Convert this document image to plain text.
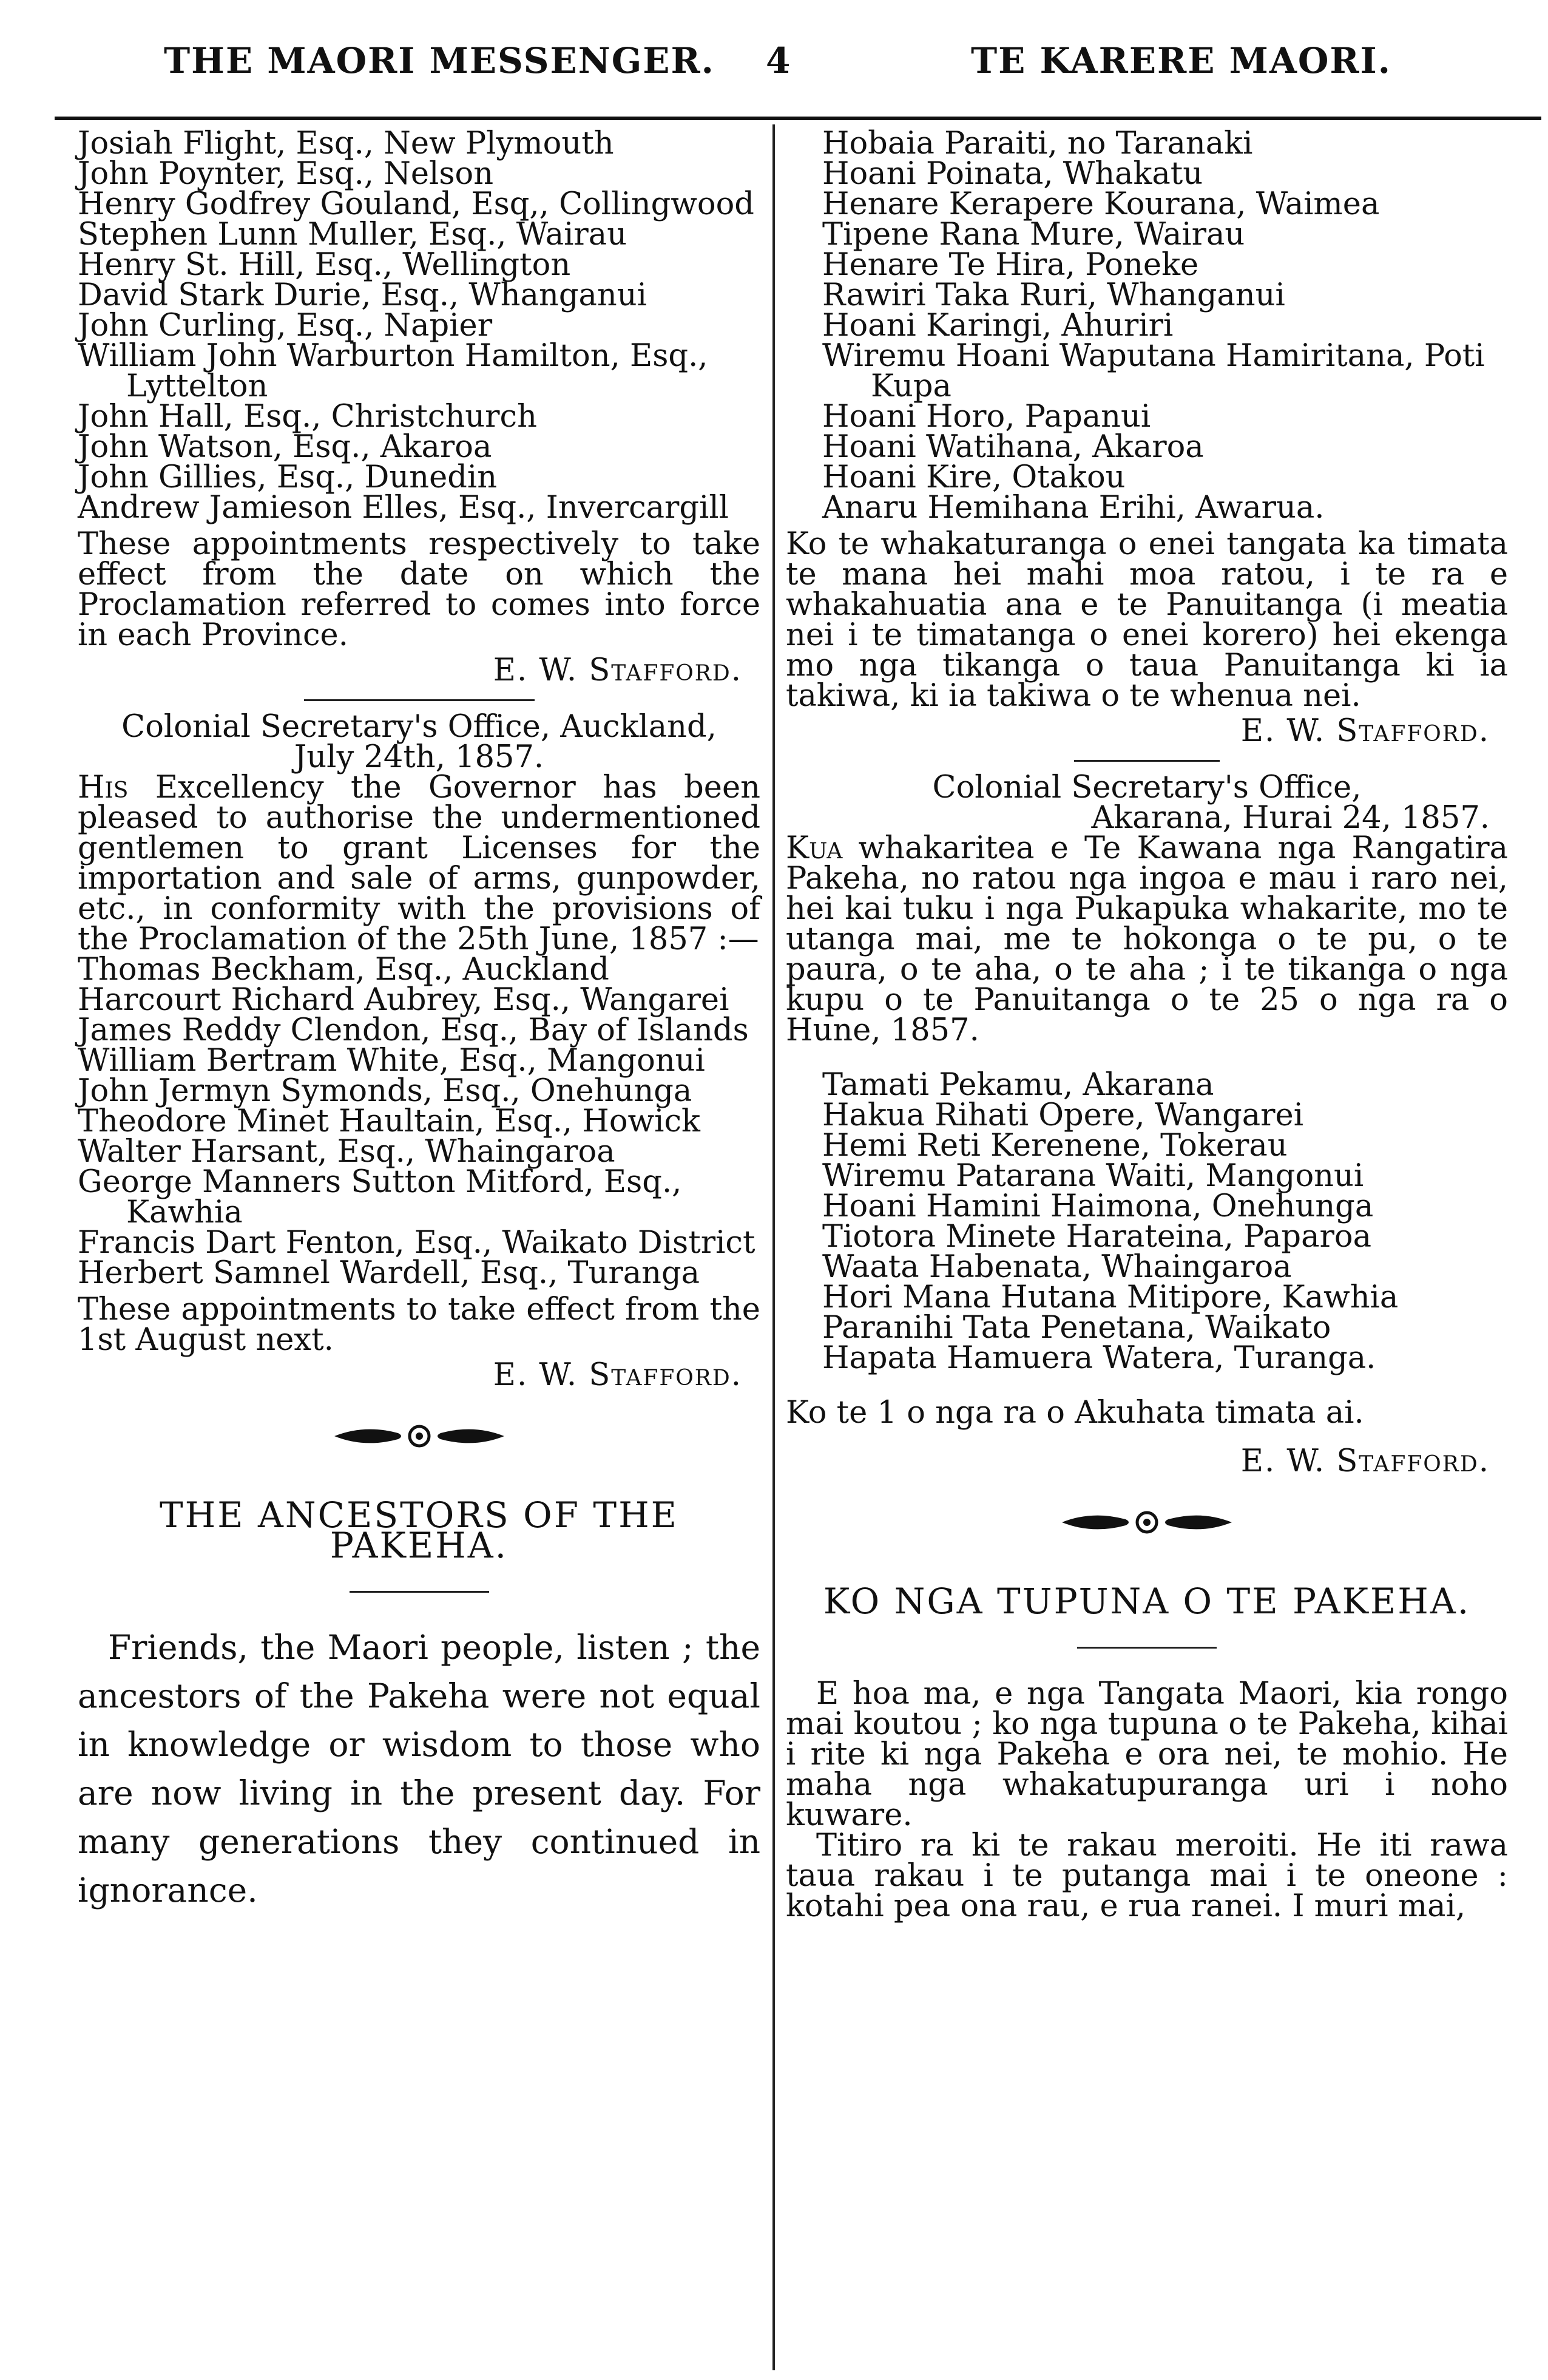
THE MAORI MESSENGER. 4	TE KARERE MAORI.

Josiah Flight, Esq., New Plymouth

John Poynter, Esq., Nelson

Henry Godfrey Gouland, Esq,, Collingwood

Stephen Lunn Muller, Esq., Wairau

Henry St. Hill, Esq., Wellington

David Stark Durie, Esq., Whanganui

John Curling, Esq., Napier

William John Warburton Hamilton, Esq., Lyttelton

John Hall, Esq., Christchurch

John Watson, Esq., Akaroa

John Gillies, Esq., Dunedin

Andrew Jamieson Elles, Esq., Invercargill

These appointments respectively to take effect from the date on which the Proclamation referred to comes into force in each Province.

E. W. Stafford.

Colonial Secretary's Office, Auckland,

July 24th, 1857.

His Excellency the Governor has been pleased to authorise the undermentioned gentlemen to grant Licenses for the importation and sale of arms, gunpowder, etc., in conformity with the provisions of the Proclamation of the 25th June, 1857 :—

Thomas Beckham, Esq., Auckland

Harcourt Richard Aubrey, Esq., Wangarei

James Reddy Clendon, Esq., Bay of Islands

William Bertram White, Esq., Mangonui

John Jermyn Symonds, Esq., Onehunga

Theodore Minet Haultain, Esq., Howick

Walter Harsant, Esq., Whaingaroa

George Manners Sutton Mitford, Esq., Kawhia

Francis Dart Fenton, Esq., Waikato District

Herbert Samnel Wardell, Esq., Turanga

These appointments to take effect from the 1st August next.

E. W. Stafford.

THE ANCESTORS OF THE PAKEHA.

Friends, the Maori people, listen ; the ancestors of the Pakeha were not equal in knowledge or wisdom to those who are now living in the present day. For many generations they continued in ignorance.

Hobaia Paraiti, no Taranaki

Hoani Poinata, Whakatu

Henare Kerapere Kourana, Waimea

Tipene Rana Mure, Wairau

Henare Te Hira, Poneke

Rawiri Taka Ruri, Whanganui

Hoani Karingi, Ahuriri

Wiremu Hoani Waputana Hamiritana, Poti Kupa

Hoani Horo, Papanui

Hoani Watihana, Akaroa

Hoani Kire, Otakou

Anaru Hemihana Erihi, Awarua.

Ko te whakaturanga o enei tangata ka timata te mana hei mahi moa ratou, i te ra e whakahuatia ana e te Panuitanga (i meatia nei i te timatanga o enei korero) hei ekenga mo nga tikanga o taua Panuitanga ki ia takiwa, ki ia takiwa o te whenua nei.

E. W. Stafford.

Colonial Secretary's Office,

Akarana, Hurai 24, 1857.

Kua whakaritea e Te Kawana nga Rangatira Pakeha, no ratou nga ingoa e mau i raro nei, hei kai tuku i nga Pukapuka whakarite, mo te utanga mai, me te hokonga o te pu, o te paura, o te aha, o te aha ; i te tikanga o nga kupu o te Panuitanga o te 25 o nga ra o Hune, 1857.

Tamati Pekamu, Akarana

Hakua Rihati Opere, Wangarei

Hemi Reti Kerenene, Tokerau

Wiremu Patarana Waiti, Mangonui

Hoani Hamini Haimona, Onehunga

Tiotora Minete Harateina, Paparoa

Waata Habenata, Whaingaroa

Hori Mana Hutana Mitipore, Kawhia

Paranihi Tata Penetana, Waikato

Hapata Hamuera Watera, Turanga.

Ko te 1 o nga ra o Akuhata timata ai.

E. W. Stafford.

KO NGA TUPUNA O TE PAKEHA.

E hoa ma, e nga Tangata Maori, kia rongo mai koutou ; ko nga tupuna o te Pakeha, kihai i rite ki nga Pakeha e ora nei, te mohio. He maha nga whakatupuranga uri i noho kuware.

Titiro ra ki te rakau meroiti. He iti rawa taua rakau i te putanga mai i te oneone : kotahi pea ona rau, e rua ranei. I muri mai,
